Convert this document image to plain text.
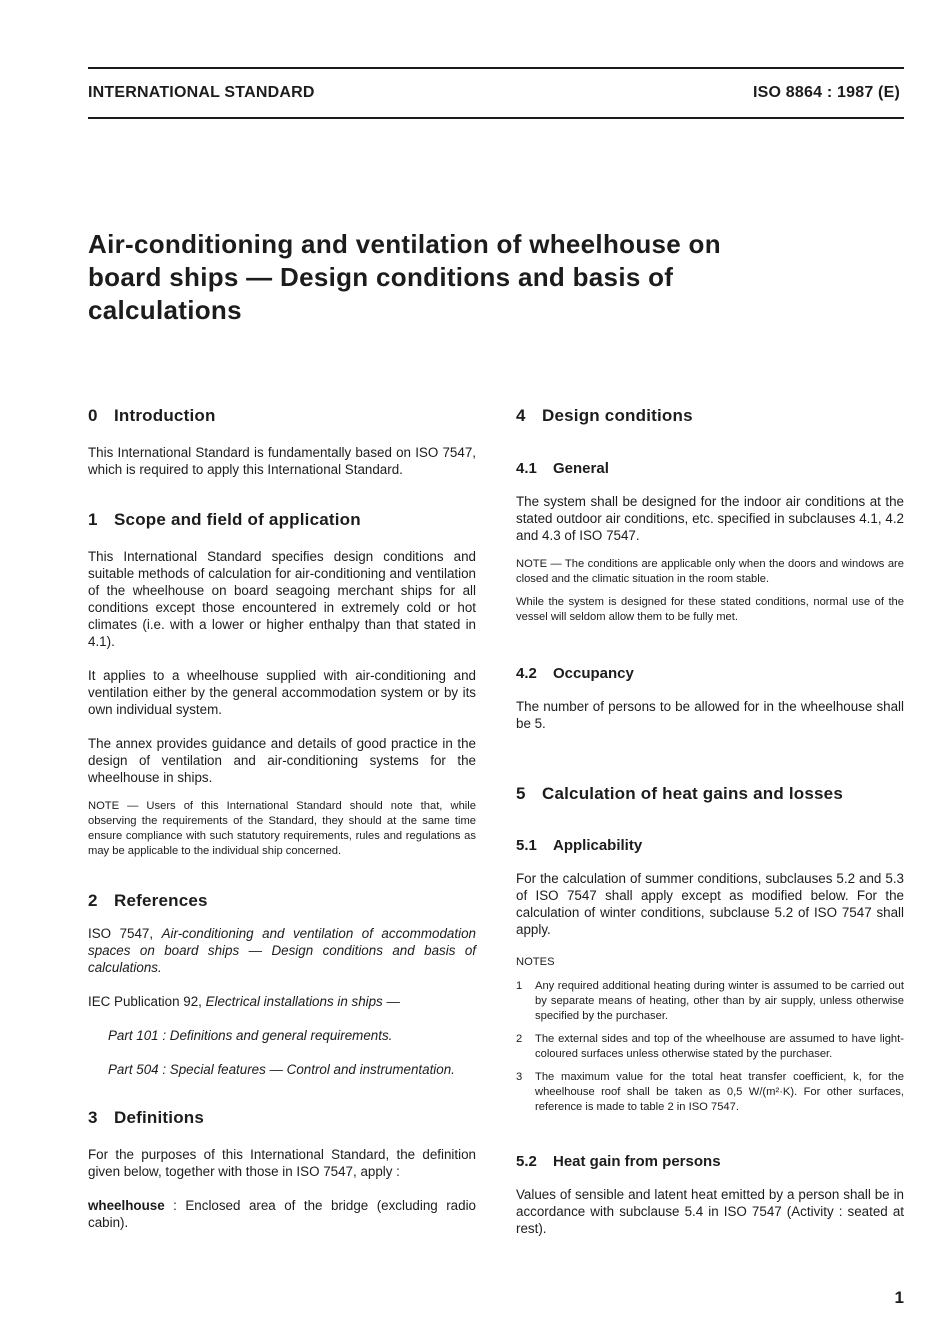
INTERNATIONAL STANDARD	ISO 8864 : 1987 (E)
Air-conditioning and ventilation of wheelhouse on
board ships — Design conditions and basis of
calculations
0 Introduction

This International Standard is fundamentally based on ISO 7547, which is required to apply this International Standard.

1 Scope and field of application

This International Standard specifies design conditions and suitable methods of calculation for air-conditioning and ventilation of the wheelhouse on board seagoing merchant ships for all conditions except those encountered in extremely cold or hot climates (i.e. with a lower or higher enthalpy than that stated in 4.1).

It applies to a wheelhouse supplied with air-conditioning and ventilation either by the general accommodation system or by its own individual system.

The annex provides guidance and details of good practice in the design of ventilation and air-conditioning systems for the wheelhouse in ships.

NOTE — Users of this International Standard should note that, while observing the requirements of the Standard, they should at the same time ensure compliance with such statutory requirements, rules and regulations as may be applicable to the individual ship concerned.

2 References

ISO 7547, Air-conditioning and ventilation of accommodation spaces on board ships — Design conditions and basis of calculations.

IEC Publication 92, Electrical installations in ships —

Part 101 : Definitions and general requirements.

Part 504 : Special features — Control and instrumentation.

3 Definitions

For the purposes of this International Standard, the definition given below, together with those in ISO 7547, apply :

wheelhouse : Enclosed area of the bridge (excluding radio cabin).

4 Design conditions
4.1 General

The system shall be designed for the indoor air conditions at the stated outdoor air conditions, etc. specified in subclauses 4.1, 4.2 and 4.3 of ISO 7547.

NOTE — The conditions are applicable only when the doors and windows are closed and the climatic situation in the room stable.

While the system is designed for these stated conditions, normal use of the vessel will seldom allow them to be fully met.

4.2 Occupancy

The number of persons to be allowed for in the wheelhouse shall be 5.

5 Calculation of heat gains and losses
5.1 Applicability

For the calculation of summer conditions, subclauses 5.2 and 5.3 of ISO 7547 shall apply except as modified below. For the calculation of winter conditions, subclause 5.2 of ISO 7547 shall apply.

NOTES

1	Any required additional heating during winter is assumed to be carried out by separate means of heating, other than by air supply, unless otherwise specified by the purchaser.

2	The external sides and top of the wheelhouse are assumed to have light-coloured surfaces unless otherwise stated by the purchaser.

3	The maximum value for the total heat transfer coefficient, k, for the wheelhouse roof shall be taken as 0,5 W/(m²·K). For other surfaces, reference is made to table 2 in ISO 7547.

5.2 Heat gain from persons

Values of sensible and latent heat emitted by a person shall be in accordance with subclause 5.4 in ISO 7547 (Activity : seated at rest).

1
